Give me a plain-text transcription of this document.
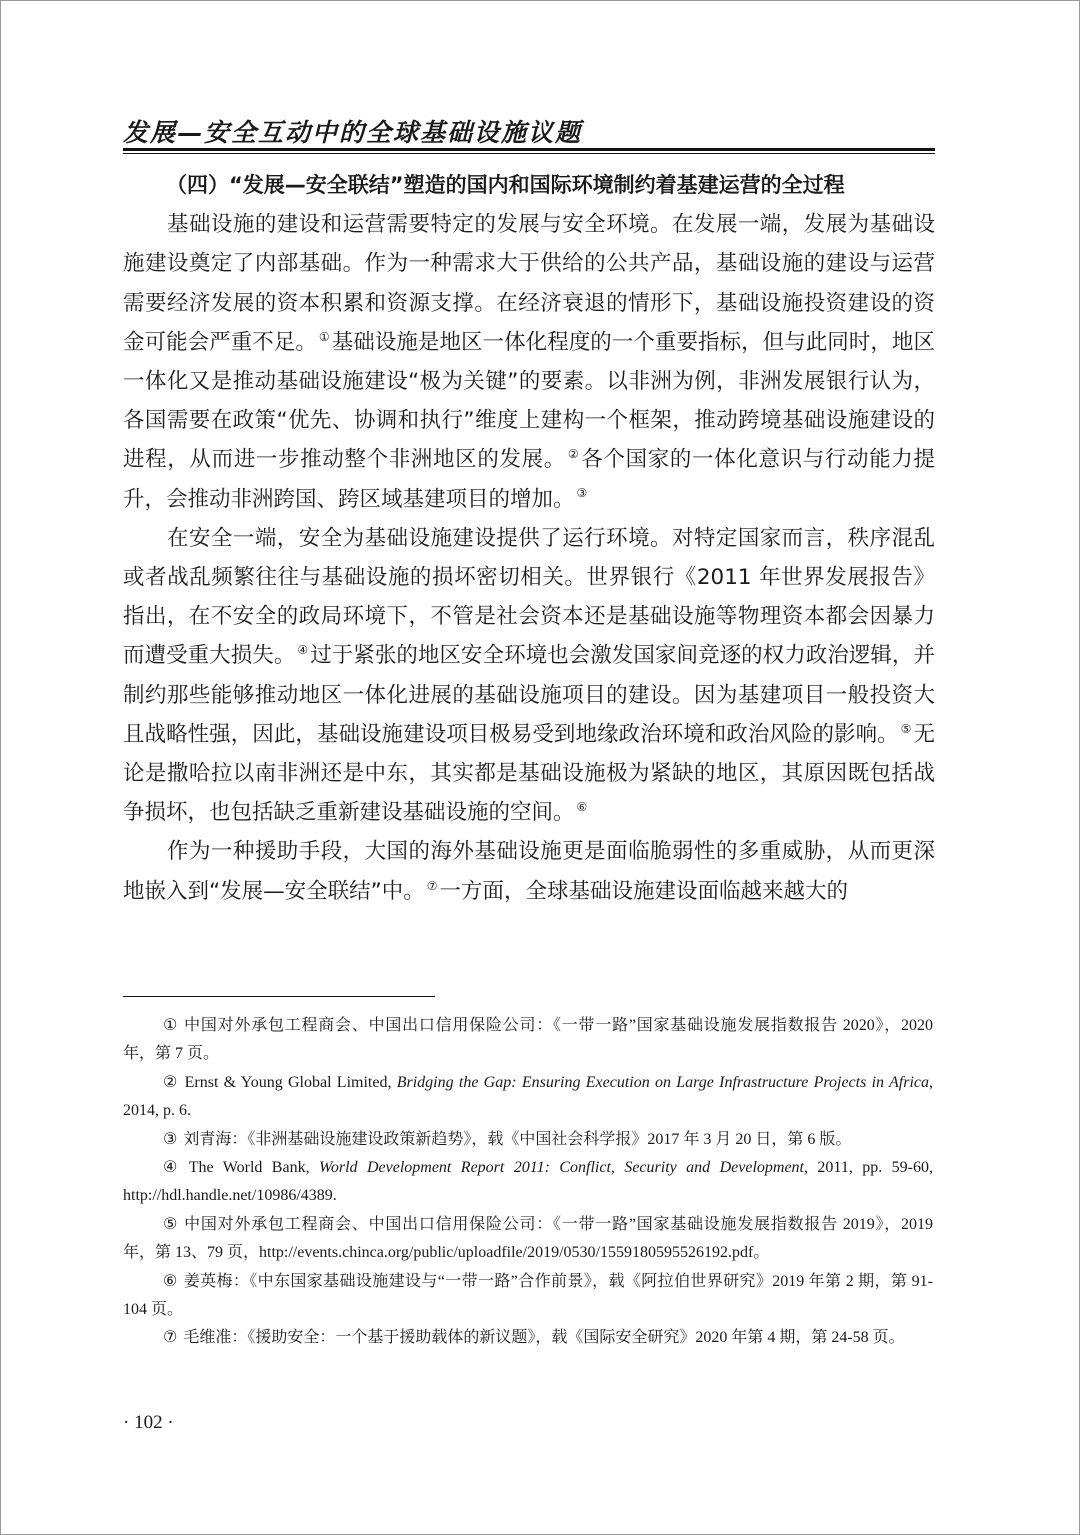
发展—安全互动中的全球基础设施议题

（四）“发展—安全联结”塑造的国内和国际环境制约着基建运营的全过程

基础设施的建设和运营需要特定的发展与安全环境。在发展一端，发展为基础设施建设奠定了内部基础。作为一种需求大于供给的公共产品，基础设施的建设与运营需要经济发展的资本积累和资源支撑。在经济衰退的情形下，基础设施投资建设的资金可能会严重不足。 ①基础设施是地区一体化程度的一个重要指标，但与此同时，地区一体化又是推动基础设施建设“极为关键”的要素。以非洲为例，非洲发展银行认为，各国需要在政策“优先、协调和执行”维度上建构一个框架，推动跨境基础设施建设的进程，从而进一步推动整个非洲地区的发展。 ②各个国家的一体化意识与行动能力提升，会推动非洲跨国、跨区域基建项目的增加。 ③

在安全一端，安全为基础设施建设提供了运行环境。对特定国家而言，秩序混乱或者战乱频繁往往与基础设施的损坏密切相关。世界银行《2011 年世界发展报告》指出，在不安全的政局环境下，不管是社会资本还是基础设施等物理资本都会因暴力而遭受重大损失。 ④过于紧张的地区安全环境也会激发国家间竞逐的权力政治逻辑，并制约那些能够推动地区一体化进展的基础设施项目的建设。因为基建项目一般投资大且战略性强，因此，基础设施建设项目极易受到地缘政治环境和政治风险的影响。 ⑤无论是撒哈拉以南非洲还是中东，其实都是基础设施极为紧缺的地区，其原因既包括战争损坏，也包括缺乏重新建设基础设施的空间。 ⑥

作为一种援助手段，大国的海外基础设施更是面临脆弱性的多重威胁，从而更深地嵌入到“发展—安全联结”中。 ⑦一方面，全球基础设施建设面临越来越大的

① 中国对外承包工程商会、中国出口信用保险公司：《一带一路”国家基础设施发展指数报告 2020》，2020 年，第 7 页。

② Ernst & Young Global Limited, Bridging the Gap: Ensuring Execution on Large Infrastructure Projects in Africa, 2014, p. 6.

③ 刘青海：《非洲基础设施建设政策新趋势》，载《中国社会科学报》2017 年 3 月 20 日，第 6 版。

④ The World Bank, World Development Report 2011: Conflict, Security and Development, 2011, pp. 59-60, http://hdl.handle.net/10986/4389.

⑤ 中国对外承包工程商会、中国出口信用保险公司：《一带一路”国家基础设施发展指数报告 2019》，2019 年，第 13、79 页，http://events.chinca.org/public/uploadfile/2019/0530/1559180595526192.pdf。

⑥ 姜英梅：《中东国家基础设施建设与“一带一路”合作前景》，载《阿拉伯世界研究》2019 年第 2 期，第 91-104 页。

⑦ 毛维准：《援助安全：一个基于援助载体的新议题》，载《国际安全研究》2020 年第 4 期，第 24-58 页。

· 102 ·
